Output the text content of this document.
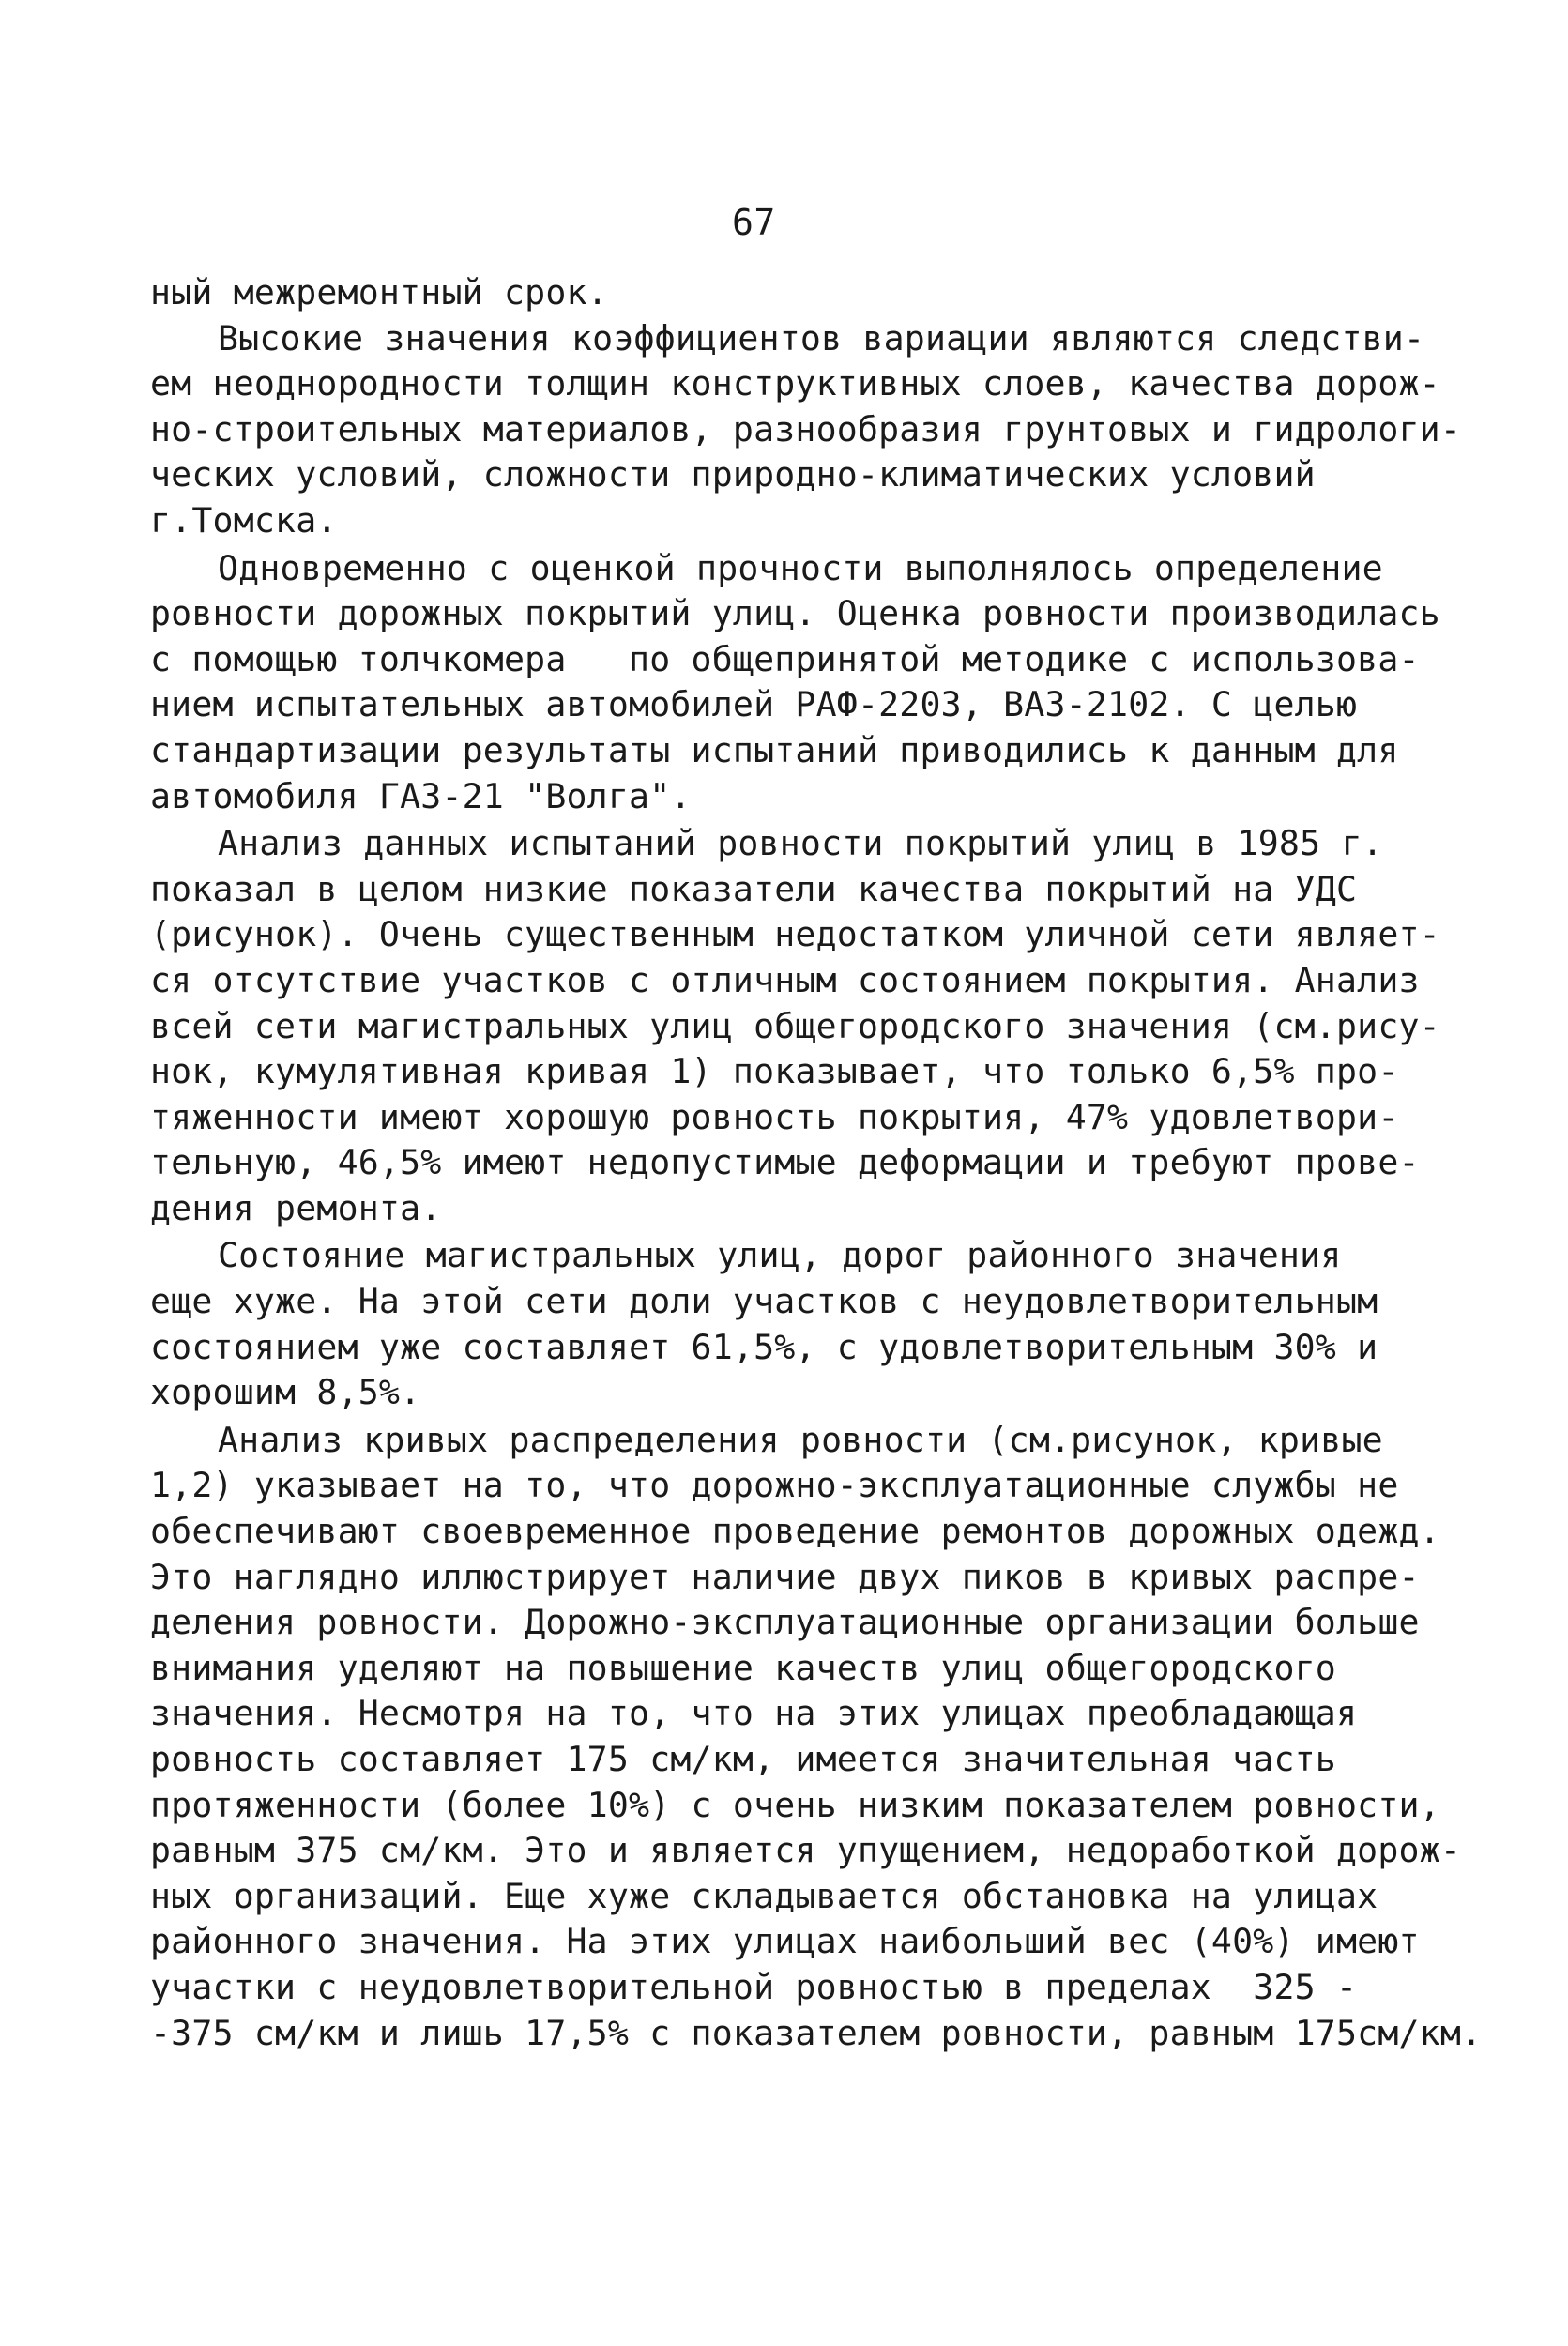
67
ный межремонтный срок.
Высокие значения коэффициентов вариации являются следстви-
ем неоднородности толщин конструктивных слоев, качества дорож-
но-строительных материалов, разнообразия грунтовых и гидрологи-
ческих условий, сложности природно-климатических условий
г.Томска.
Одновременно с оценкой прочности выполнялось определение
ровности дорожных покрытий улиц. Оценка ровности производилась
с помощью толчкомера   по общепринятой методике с использова-
нием испытательных автомобилей РАФ-2203, ВАЗ-2102. С целью
стандартизации результаты испытаний приводились к данным для
автомобиля ГАЗ-21 "Волга".
Анализ данных испытаний ровности покрытий улиц в 1985 г.
показал в целом низкие показатели качества покрытий на УДС
(рисунок). Очень существенным недостатком уличной сети являет-
ся отсутствие участков с отличным состоянием покрытия. Анализ
всей сети магистральных улиц общегородского значения (см.рису-
нок, кумулятивная кривая 1) показывает, что только 6,5% про-
тяженности имеют хорошую ровность покрытия, 47% удовлетвори-
тельную, 46,5% имеют недопустимые деформации и требуют прове-
дения ремонта.
Состояние магистральных улиц, дорог районного значения
еще хуже. На этой сети доли участков с неудовлетворительным
состоянием уже составляет 61,5%, с удовлетворительным 30% и
хорошим 8,5%.
Анализ кривых распределения ровности (см.рисунок, кривые
1,2) указывает на то, что дорожно-эксплуатационные службы не
обеспечивают своевременное проведение ремонтов дорожных одежд.
Это наглядно иллюстрирует наличие двух пиков в кривых распре-
деления ровности. Дорожно-эксплуатационные организации больше
внимания уделяют на повышение качеств улиц общегородского
значения. Несмотря на то, что на этих улицах преобладающая
ровность составляет 175 см/км, имеется значительная часть
протяженности (более 10%) с очень низким показателем ровности,
равным 375 см/км. Это и является упущением, недоработкой дорож-
ных организаций. Еще хуже складывается обстановка на улицах
районного значения. На этих улицах наибольший вес (40%) имеют
участки с неудовлетворительной ровностью в пределах  325 -
-375 см/км и лишь 17,5% с показателем ровности, равным 175см/км.
